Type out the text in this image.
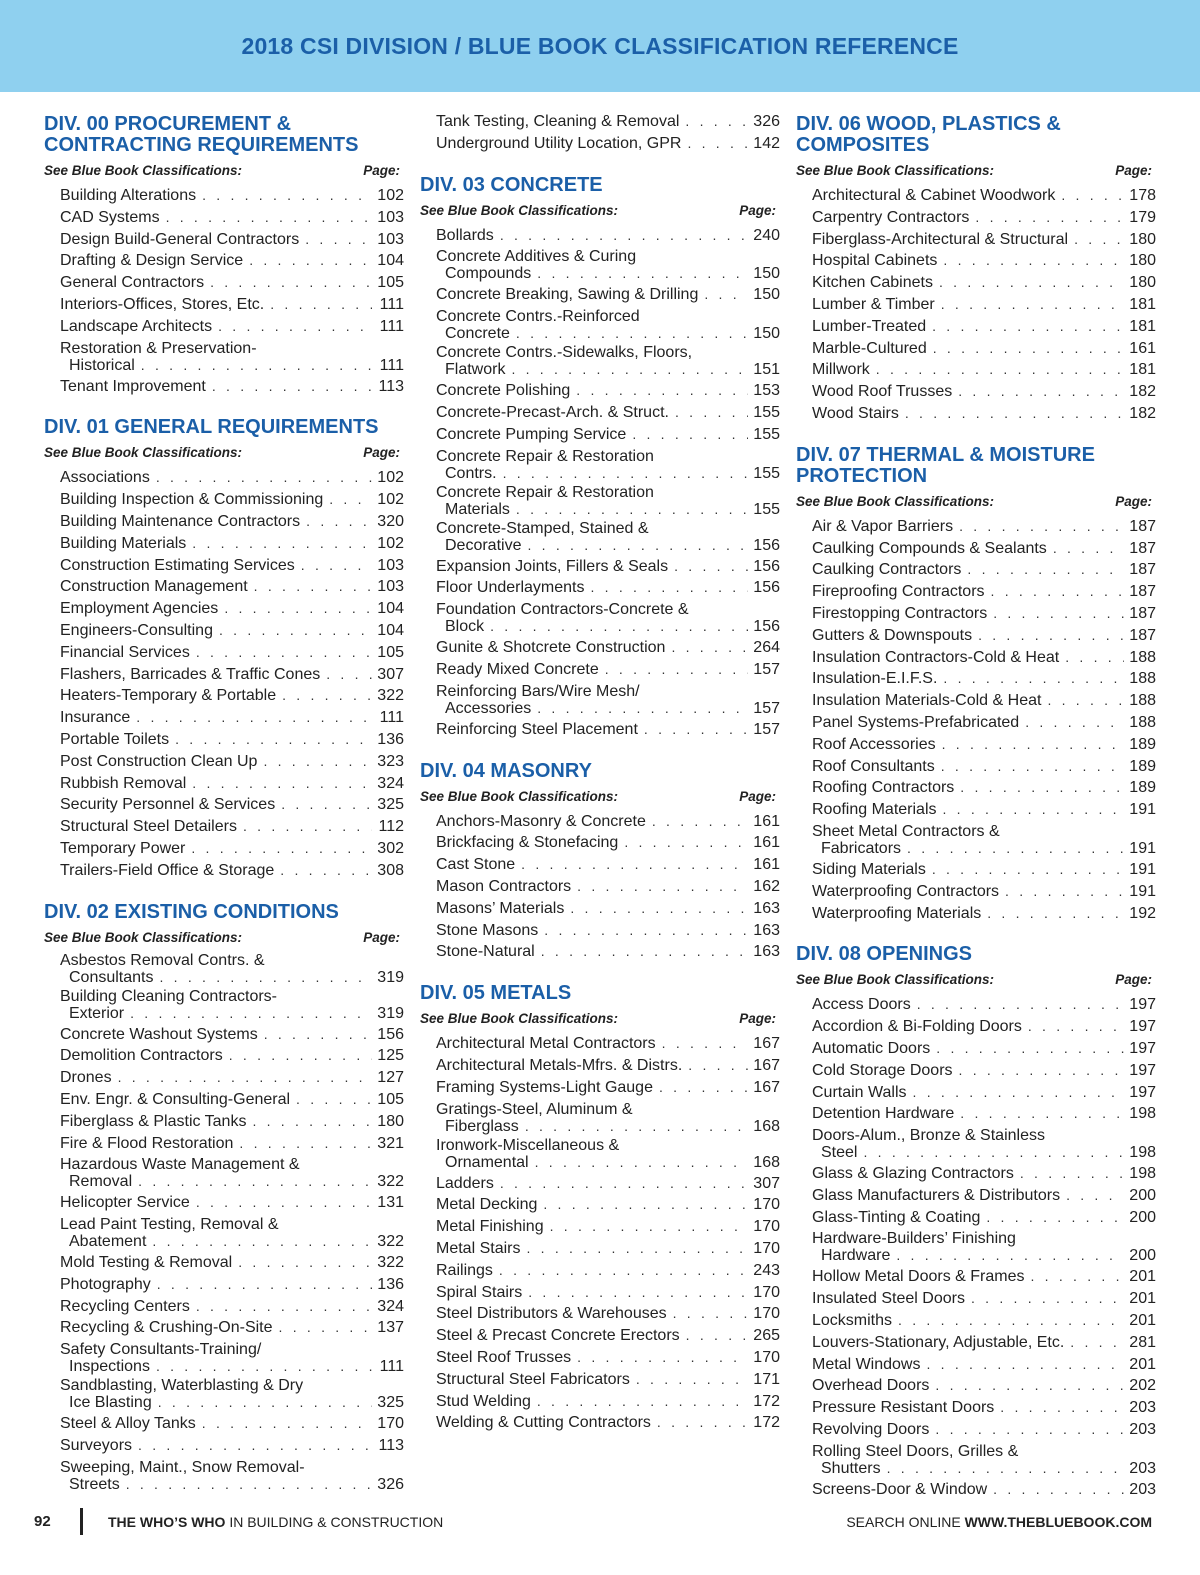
2018 CSI DIVISION / BLUE BOOK CLASSIFICATION REFERENCE
DIV. 00 PROCUREMENT & CONTRACTING REQUIREMENTS
See Blue Book Classifications:	Page:
Building Alterations . . .	102
CAD Systems . . .	103
Design Build-General Contractors . . .	103
Drafting & Design Service . . .	104
General Contractors . . .	105
Interiors-Offices, Stores, Etc. . . .	111
Landscape Architects . . .	111
Restoration & Preservation-
Historical . . .	111
Tenant Improvement . . .	113
DIV. 01 GENERAL REQUIREMENTS
See Blue Book Classifications:	Page:
Associations . . .	102
Building Inspection & Commissioning . . .	102
Building Maintenance Contractors . . .	320
Building Materials . . .	102
Construction Estimating Services . . .	103
Construction Management . . .	103
Employment Agencies . . .	104
Engineers-Consulting . . .	104
Financial Services . . .	105
Flashers, Barricades & Traffic Cones . . .	307
Heaters-Temporary & Portable . . .	322
Insurance . . .	111
Portable Toilets . . .	136
Post Construction Clean Up . . .	323
Rubbish Removal . . .	324
Security Personnel & Services . . .	325
Structural Steel Detailers . . .	112
Temporary Power . . .	302
Trailers-Field Office & Storage . . .	308
DIV. 02 EXISTING CONDITIONS
See Blue Book Classifications:	Page:
Asbestos Removal Contrs. &
Consultants . . .	319
Building Cleaning Contractors-
Exterior . . .	319
Concrete Washout Systems . . .	156
Demolition Contractors . . .	125
Drones . . .	127
Env. Engr. & Consulting-General . . .	105
Fiberglass & Plastic Tanks . . .	180
Fire & Flood Restoration . . .	321
Hazardous Waste Management &
Removal . . .	322
Helicopter Service . . .	131
Lead Paint Testing, Removal &
Abatement . . .	322
Mold Testing & Removal . . .	322
Photography . . .	136
Recycling Centers . . .	324
Recycling & Crushing-On-Site . . .	137
Safety Consultants-Training/
Inspections . . .	111
Sandblasting, Waterblasting & Dry
Ice Blasting . . .	325
Steel & Alloy Tanks . . .	170
Surveyors . . .	113
Sweeping, Maint., Snow Removal-
Streets . . .	326
Tank Testing, Cleaning & Removal . . .	326
Underground Utility Location, GPR . . .	142
DIV. 03 CONCRETE
See Blue Book Classifications:	Page:
Bollards . . .	240
Concrete Additives & Curing
Compounds . . .	150
Concrete Breaking, Sawing & Drilling . . .	150
Concrete Contrs.-Reinforced
Concrete . . .	150
Concrete Contrs.-Sidewalks, Floors,
Flatwork . . .	151
Concrete Polishing . . .	153
Concrete-Precast-Arch. & Struct. . . .	155
Concrete Pumping Service . . .	155
Concrete Repair & Restoration
Contrs. . . .	155
Concrete Repair & Restoration
Materials . . .	155
Concrete-Stamped, Stained &
Decorative . . .	156
Expansion Joints, Fillers & Seals . . .	156
Floor Underlayments . . .	156
Foundation Contractors-Concrete &
Block . . .	156
Gunite & Shotcrete Construction . . .	264
Ready Mixed Concrete . . .	157
Reinforcing Bars/Wire Mesh/
Accessories . . .	157
Reinforcing Steel Placement . . .	157
DIV. 04 MASONRY
See Blue Book Classifications:	Page:
Anchors-Masonry & Concrete . . .	161
Brickfacing & Stonefacing . . .	161
Cast Stone . . .	161
Mason Contractors . . .	162
Masons’ Materials . . .	163
Stone Masons . . .	163
Stone-Natural . . .	163
DIV. 05 METALS
See Blue Book Classifications:	Page:
Architectural Metal Contractors . . .	167
Architectural Metals-Mfrs. & Distrs. . . .	167
Framing Systems-Light Gauge . . .	167
Gratings-Steel, Aluminum &
Fiberglass . . .	168
Ironwork-Miscellaneous &
Ornamental . . .	168
Ladders . . .	307
Metal Decking . . .	170
Metal Finishing . . .	170
Metal Stairs . . .	170
Railings . . .	243
Spiral Stairs . . .	170
Steel Distributors & Warehouses . . .	170
Steel & Precast Concrete Erectors . . .	265
Steel Roof Trusses . . .	170
Structural Steel Fabricators . . .	171
Stud Welding . . .	172
Welding & Cutting Contractors . . .	172
DIV. 06 WOOD, PLASTICS & COMPOSITES
See Blue Book Classifications:	Page:
Architectural & Cabinet Woodwork . . .	178
Carpentry Contractors . . .	179
Fiberglass-Architectural & Structural . . .	180
Hospital Cabinets . . .	180
Kitchen Cabinets . . .	180
Lumber & Timber . . .	181
Lumber-Treated . . .	181
Marble-Cultured . . .	161
Millwork . . .	181
Wood Roof Trusses . . .	182
Wood Stairs . . .	182
DIV. 07 THERMAL & MOISTURE PROTECTION
See Blue Book Classifications:	Page:
Air & Vapor Barriers . . .	187
Caulking Compounds & Sealants . . .	187
Caulking Contractors . . .	187
Fireproofing Contractors . . .	187
Firestopping Contractors . . .	187
Gutters & Downspouts . . .	187
Insulation Contractors-Cold & Heat . . .	188
Insulation-E.I.F.S. . . .	188
Insulation Materials-Cold & Heat . . .	188
Panel Systems-Prefabricated . . .	188
Roof Accessories . . .	189
Roof Consultants . . .	189
Roofing Contractors . . .	189
Roofing Materials . . .	191
Sheet Metal Contractors &
Fabricators . . .	191
Siding Materials . . .	191
Waterproofing Contractors . . .	191
Waterproofing Materials . . .	192
DIV. 08 OPENINGS
See Blue Book Classifications:	Page:
Access Doors . . .	197
Accordion & Bi-Folding Doors . . .	197
Automatic Doors . . .	197
Cold Storage Doors . . .	197
Curtain Walls . . .	197
Detention Hardware . . .	198
Doors-Alum., Bronze & Stainless
Steel . . .	198
Glass & Glazing Contractors . . .	198
Glass Manufacturers & Distributors . . .	200
Glass-Tinting & Coating . . .	200
Hardware-Builders’ Finishing
Hardware . . .	200
Hollow Metal Doors & Frames . . .	201
Insulated Steel Doors . . .	201
Locksmiths . . .	201
Louvers-Stationary, Adjustable, Etc. . . .	281
Metal Windows . . .	201
Overhead Doors . . .	202
Pressure Resistant Doors . . .	203
Revolving Doors . . .	203
Rolling Steel Doors, Grilles &
Shutters . . .	203
Screens-Door & Window . . .	203
92	THE WHO’S WHO IN BUILDING & CONSTRUCTION	SEARCH ONLINE WWW.THEBLUEBOOK.COM
